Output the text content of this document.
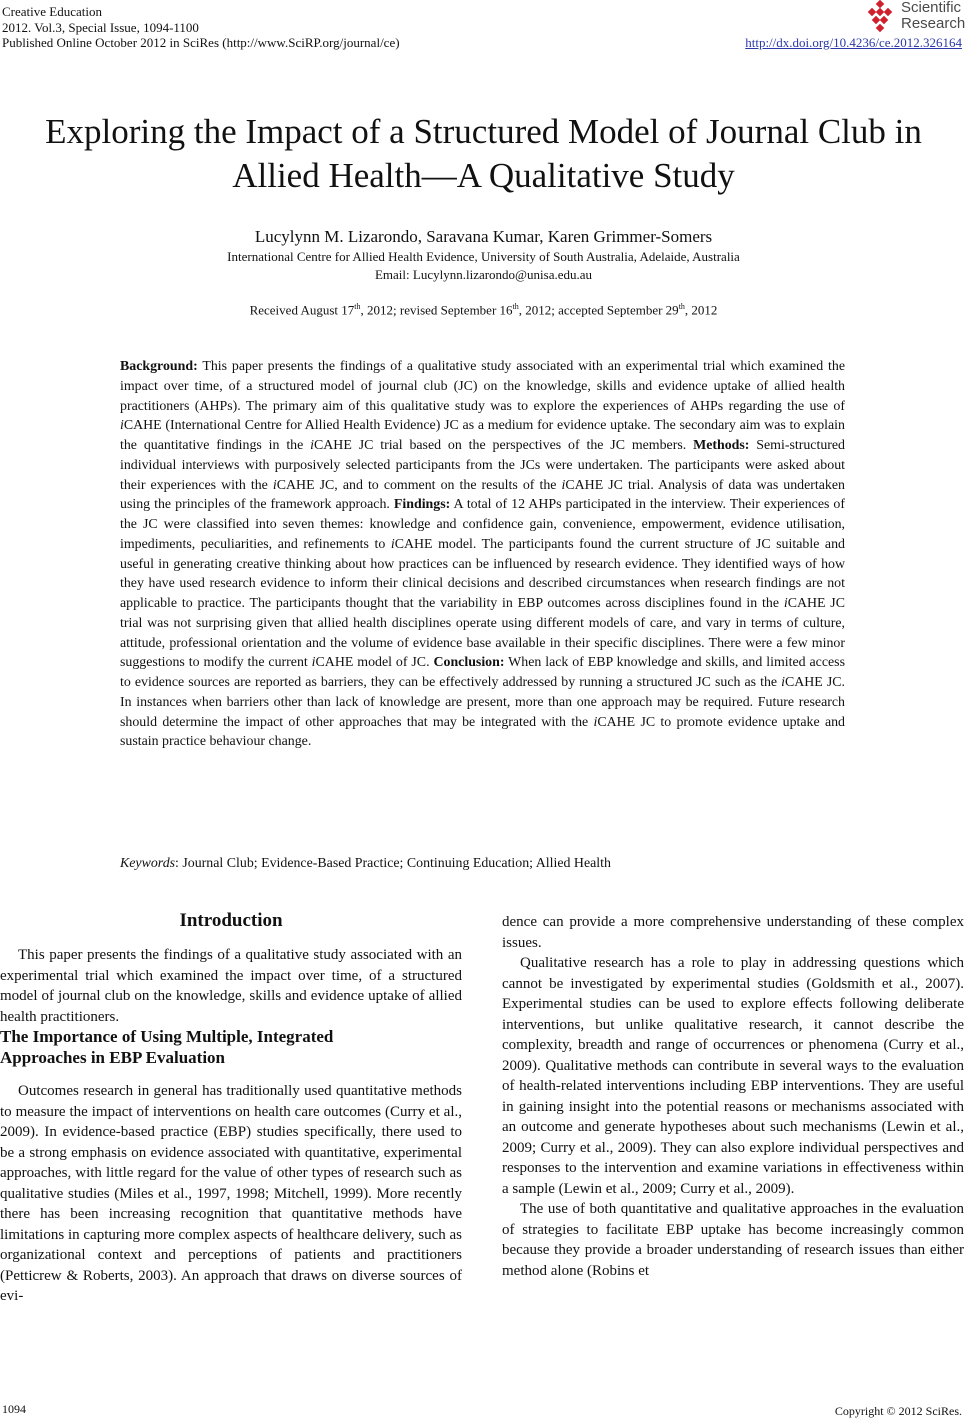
Creative Education
2012. Vol.3, Special Issue, 1094-1100
Published Online October 2012 in SciRes (http://www.SciRP.org/journal/ce)	http://dx.doi.org/10.4236/ce.2012.326164
Scientific
Research
Exploring the Impact of a Structured Model of Journal Club in
Allied Health—A Qualitative Study
Lucylynn M. Lizarondo, Saravana Kumar, Karen Grimmer-Somers
International Centre for Allied Health Evidence, University of South Australia, Adelaide, Australia
Email: Lucylynn.lizarondo@unisa.edu.au
Received August 17th, 2012; revised September 16th, 2012; accepted September 29th, 2012
Background: This paper presents the findings of a qualitative study associated with an experimental trial which examined the impact over time, of a structured model of journal club (JC) on the knowledge, skills and evidence uptake of allied health practitioners (AHPs). The primary aim of this qualitative study was to explore the experiences of AHPs regarding the use of iCAHE (International Centre for Allied Health Evidence) JC as a medium for evidence uptake. The secondary aim was to explain the quantitative findings in the iCAHE JC trial based on the perspectives of the JC members. Methods: Semi-structured individual interviews with purposively selected participants from the JCs were undertaken. The participants were asked about their experiences with the iCAHE JC, and to comment on the results of the iCAHE JC trial. Analysis of data was undertaken using the principles of the framework approach. Findings: A total of 12 AHPs participated in the interview. Their experiences of the JC were classified into seven themes: knowledge and confidence gain, convenience, empowerment, evidence utilisation, impediments, peculiarities, and refinements to iCAHE model. The participants found the current structure of JC suitable and useful in generating creative thinking about how practices can be influenced by research evidence. They identified ways of how they have used research evidence to inform their clinical decisions and described circumstances when research findings are not applicable to practice. The participants thought that the variability in EBP outcomes across disciplines found in the iCAHE JC trial was not surprising given that allied health disciplines operate using different models of care, and vary in terms of culture, attitude, professional orientation and the volume of evidence base available in their specific disciplines. There were a few minor suggestions to modify the current iCAHE model of JC. Conclusion: When lack of EBP knowledge and skills, and limited access to evidence sources are reported as barriers, they can be effectively addressed by running a structured JC such as the iCAHE JC. In instances when barriers other than lack of knowledge are present, more than one approach may be required. Future research should determine the impact of other approaches that may be integrated with the iCAHE JC to promote evidence uptake and sustain practice behaviour change.
Keywords: Journal Club; Evidence-Based Practice; Continuing Education; Allied Health
Introduction

This paper presents the findings of a qualitative study associated with an experimental trial which examined the impact over time, of a structured model of journal club on the knowledge, skills and evidence uptake of allied health practitioners.

The Importance of Using Multiple, Integrated
Approaches in EBP Evaluation

Outcomes research in general has traditionally used quantitative methods to measure the impact of interventions on health care outcomes (Curry et al., 2009). In evidence-based practice (EBP) studies specifically, there used to be a strong emphasis on evidence associated with quantitative, experimental approaches, with little regard for the value of other types of research such as qualitative studies (Miles et al., 1997, 1998; Mitchell, 1999). More recently there has been increasing recognition that quantitative methods have limitations in capturing more complex aspects of healthcare delivery, such as organizational context and perceptions of patients and practitioners (Petticrew & Roberts, 2003). An approach that draws on diverse sources of evi-

dence can provide a more comprehensive understanding of these complex issues.

Qualitative research has a role to play in addressing questions which cannot be investigated by experimental studies (Goldsmith et al., 2007). Experimental studies can be used to explore effects following deliberate interventions, but unlike qualitative research, it cannot describe the complexity, breadth and range of occurrences or phenomena (Curry et al., 2009). Qualitative methods can contribute in several ways to the evaluation of health-related interventions including EBP interventions. They are useful in gaining insight into the potential reasons or mechanisms associated with an outcome and generate hypotheses about such mechanisms (Lewin et al., 2009; Curry et al., 2009). They can also explore individual perspectives and responses to the intervention and examine variations in effectiveness within a sample (Lewin et al., 2009; Curry et al., 2009).

The use of both quantitative and qualitative approaches in the evaluation of strategies to facilitate EBP uptake has become increasingly common because they provide a broader understanding of research issues than either method alone (Robins et

1094	Copyright © 2012 SciRes.
